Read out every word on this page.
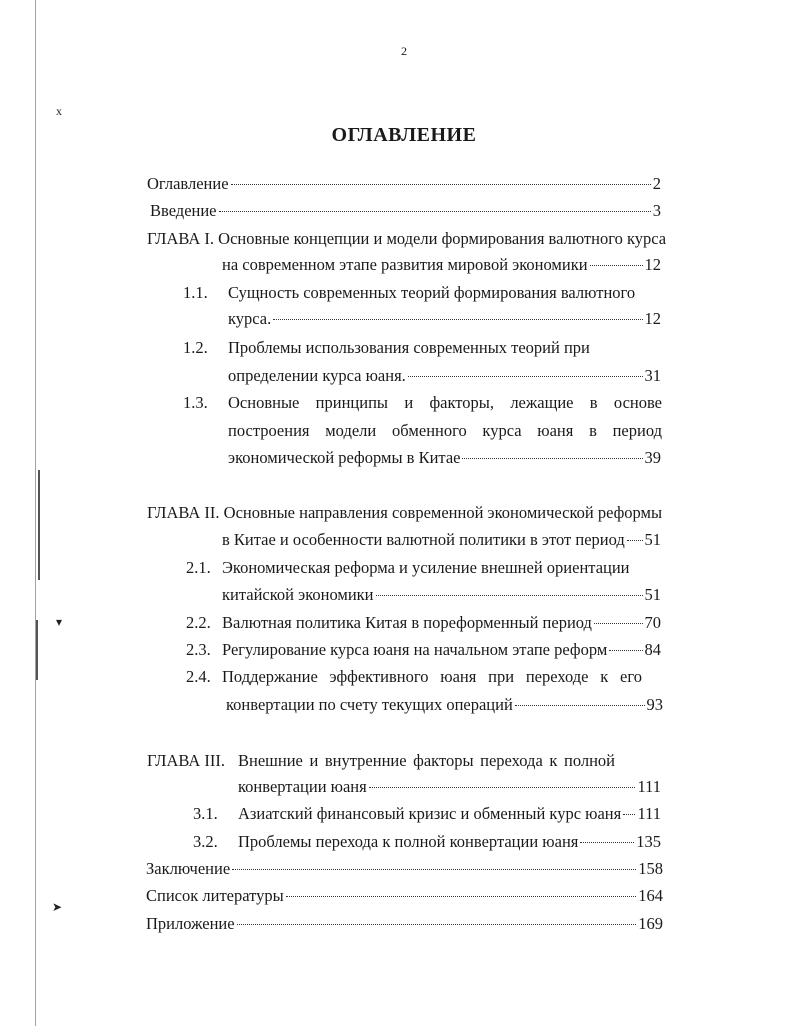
x
▾
➤
2
ОГЛАВЛЕНИЕ
Оглавление	2
Введение	3
ГЛАВА I. Основные концепции и модели формирования валютного курса
на современном этапе развития мировой экономики	12
1.1. Сущность современных теорий формирования валютного
курса.	12
1.2. Проблемы использования современных теорий при
определении курса юаня.	31
1.3. Основные принципы и факторы, лежащие в основе
построения модели обменного курса юаня в период
экономической реформы в Китае	39
ГЛАВА II. Основные направления современной экономической реформы
в Китае и особенности валютной политики в этот период 51
2.1. Экономическая реформа и усиление внешней ориентации
китайской экономики	51
2.2. Валютная политика Китая в пореформенный период	70
2.3. Регулирование курса юаня на начальном этапе реформ 84
2.4. Поддержание эффективного юаня при переходе к его
конвертации по счету текущих операций	93
ГЛАВА III. Внешние и внутренние факторы перехода к полной
конвертации юаня	111
3.1. Азиатский финансовый кризис и обменный курс юаня 111
3.2. Проблемы перехода к полной конвертации юаня	135
Заключение	158
Список литературы	164
Приложение	169
